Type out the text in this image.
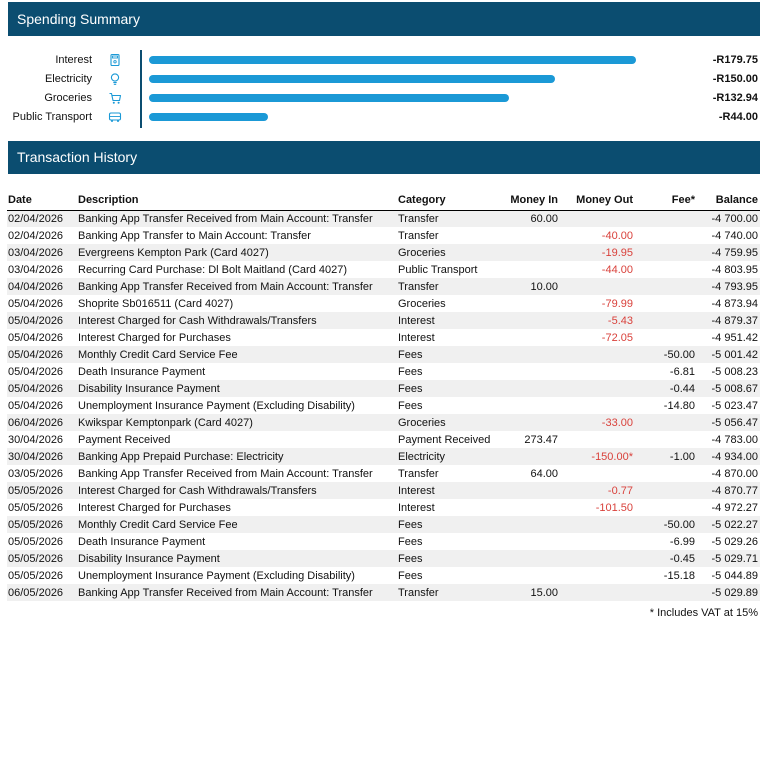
Spending Summary
Interest	-R179.75
Electricity	-R150.00
Groceries	-R132.94
Public Transport	-R44.00
Transaction History
Date	Description	Category	Money In	Money Out	Fee*	Balance
02/04/2026	Banking App Transfer Received from Main Account: Transfer	Transfer	60.00			-4 700.00
02/04/2026	Banking App Transfer to Main Account: Transfer	Transfer		-40.00		-4 740.00
03/04/2026	Evergreens Kempton Park (Card 4027)	Groceries		-19.95		-4 759.95
03/04/2026	Recurring Card Purchase: Dl Bolt Maitland (Card 4027)	Public Transport		-44.00		-4 803.95
04/04/2026	Banking App Transfer Received from Main Account: Transfer	Transfer	10.00			-4 793.95
05/04/2026	Shoprite Sb016511 (Card 4027)	Groceries		-79.99		-4 873.94
05/04/2026	Interest Charged for Cash Withdrawals/Transfers	Interest		-5.43		-4 879.37
05/04/2026	Interest Charged for Purchases	Interest		-72.05		-4 951.42
05/04/2026	Monthly Credit Card Service Fee	Fees			-50.00	-5 001.42
05/04/2026	Death Insurance Payment	Fees			-6.81	-5 008.23
05/04/2026	Disability Insurance Payment	Fees			-0.44	-5 008.67
05/04/2026	Unemployment Insurance Payment (Excluding Disability)	Fees			-14.80	-5 023.47
06/04/2026	Kwikspar Kemptonpark (Card 4027)	Groceries		-33.00		-5 056.47
30/04/2026	Payment Received	Payment Received	273.47			-4 783.00
30/04/2026	Banking App Prepaid Purchase: Electricity	Electricity		-150.00*	-1.00	-4 934.00
03/05/2026	Banking App Transfer Received from Main Account: Transfer	Transfer	64.00			-4 870.00
05/05/2026	Interest Charged for Cash Withdrawals/Transfers	Interest		-0.77		-4 870.77
05/05/2026	Interest Charged for Purchases	Interest		-101.50		-4 972.27
05/05/2026	Monthly Credit Card Service Fee	Fees			-50.00	-5 022.27
05/05/2026	Death Insurance Payment	Fees			-6.99	-5 029.26
05/05/2026	Disability Insurance Payment	Fees			-0.45	-5 029.71
05/05/2026	Unemployment Insurance Payment (Excluding Disability)	Fees			-15.18	-5 044.89
06/05/2026	Banking App Transfer Received from Main Account: Transfer	Transfer	15.00			-5 029.89
* Includes VAT at 15%
